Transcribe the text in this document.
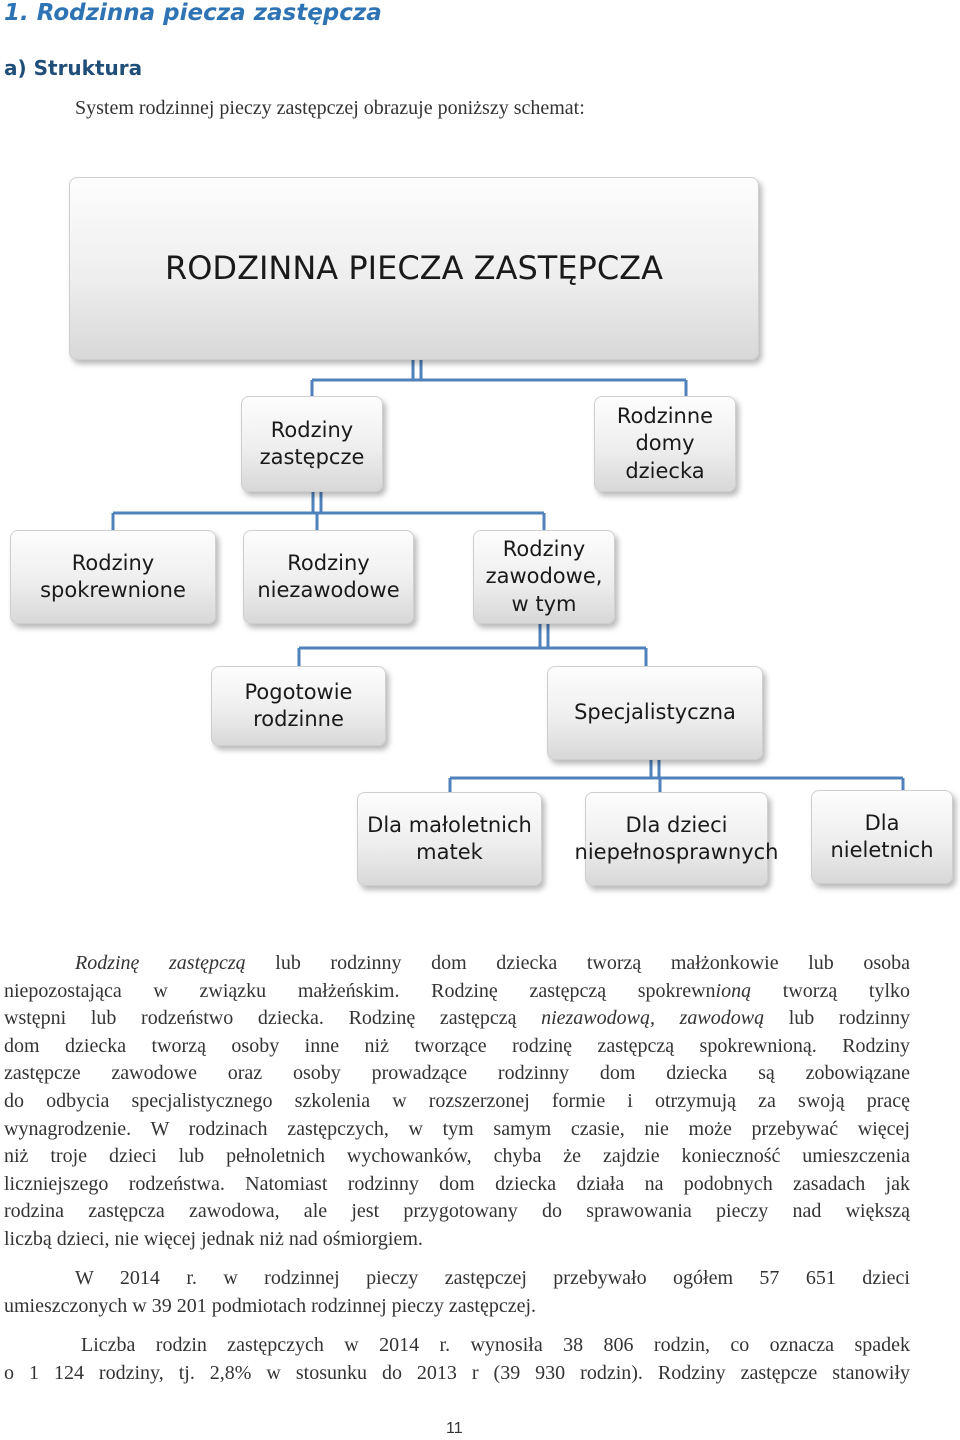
1. Rodzinna piecza zastępcza
a) Struktura
System rodzinnej pieczy zastępczej obrazuje poniższy schemat:
RODZINNA PIECZA ZASTĘPCZA
Rodziny zastępcze
Rodzinne domy dziecka
Rodziny spokrewnione
Rodziny niezawodowe
Rodziny zawodowe, w tym
Pogotowie rodzinne	Specjalistyczna
Dla małoletnich matek
Dla dzieci niepełnosprawnych
Dla nieletnich
Rodzinę zastępczą lub rodzinny dom dziecka tworzą małżonkowie lub osoba
niepozostająca w związku małżeńskim. Rodzinę zastępczą spokrewnioną tworzą tylko
wstępni lub rodzeństwo dziecka. Rodzinę zastępczą niezawodową, zawodową lub rodzinny
dom dziecka tworzą osoby inne niż tworzące rodzinę zastępczą spokrewnioną. Rodziny
zastępcze zawodowe oraz osoby prowadzące rodzinny dom dziecka są zobowiązane
do odbycia specjalistycznego szkolenia w rozszerzonej formie i otrzymują za swoją pracę
wynagrodzenie. W rodzinach zastępczych, w tym samym czasie, nie może przebywać więcej
niż troje dzieci lub pełnoletnich wychowanków, chyba że zajdzie konieczność umieszczenia
liczniejszego rodzeństwa. Natomiast rodzinny dom dziecka działa na podobnych zasadach jak
rodzina zastępcza zawodowa, ale jest przygotowany do sprawowania pieczy nad większą
liczbą dzieci, nie więcej jednak niż nad ośmiorgiem.
W 2014 r. w rodzinnej pieczy zastępczej przebywało ogółem 57 651 dzieci
umieszczonych w 39 201 podmiotach rodzinnej pieczy zastępczej.
Liczba rodzin zastępczych w 2014 r. wynosiła 38 806 rodzin, co oznacza spadek
o 1 124 rodziny, tj. 2,8% w stosunku do 2013 r (39 930 rodzin). Rodziny zastępcze stanowiły
11
